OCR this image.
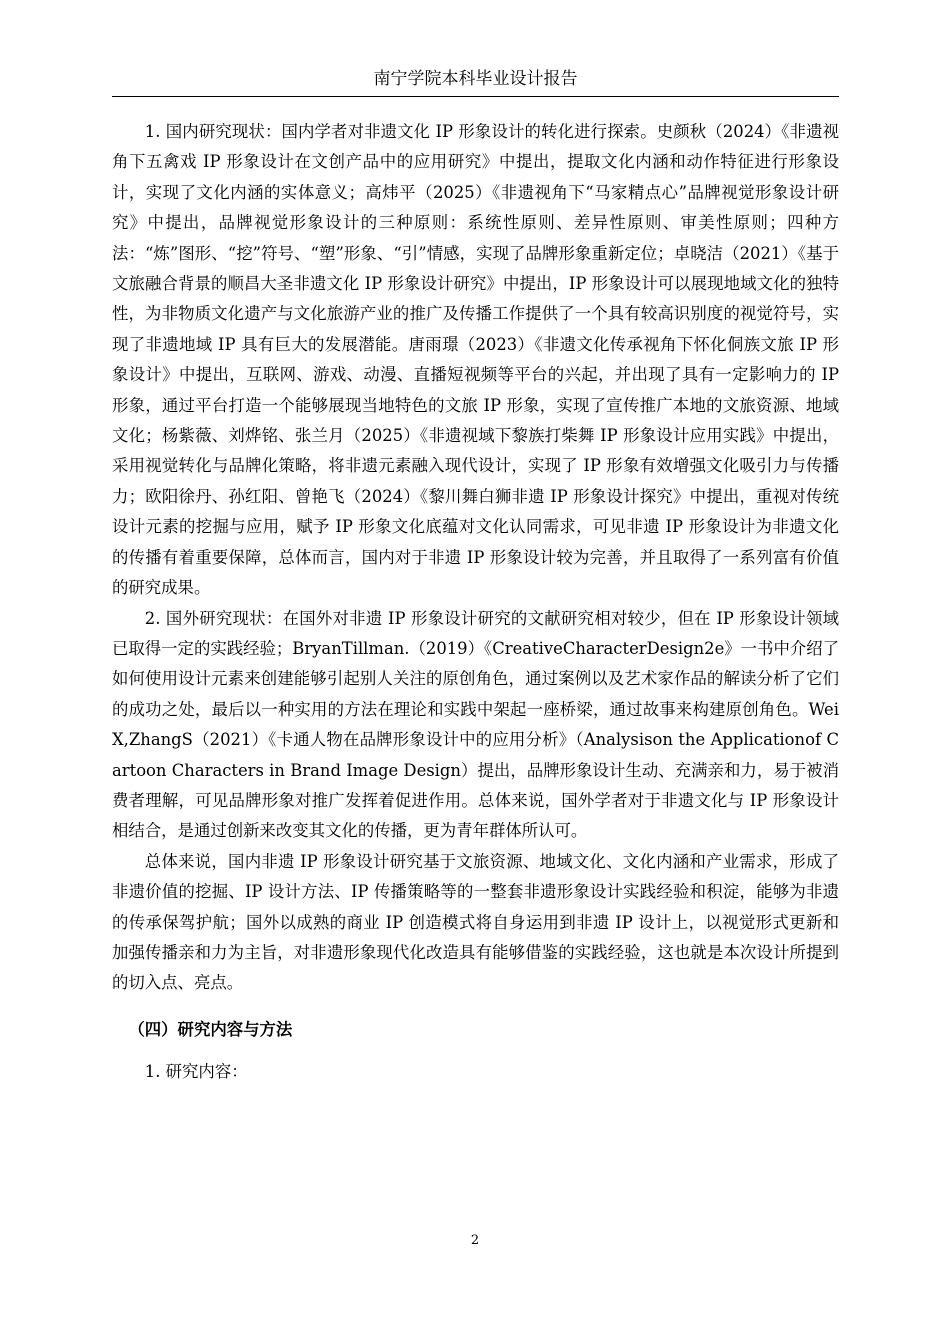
南宁学院本科毕业设计报告

1. 国内研究现状：国内学者对非遗文化 IP 形象设计的转化进行探索。史颜秋（2024）《非遗视角下五禽戏 IP 形象设计在文创产品中的应用研究》中提出，提取文化内涵和动作特征进行形象设计，实现了文化内涵的实体意义；高炜平（2025）《非遗视角下“马家精点心”品牌视觉形象设计研究》中提出，品牌视觉形象设计的三种原则：系统性原则、差异性原则、审美性原则；四种方法：“炼”图形、“挖”符号、“塑”形象、“引”情感，实现了品牌形象重新定位；卓晓洁（2021）《基于文旅融合背景的顺昌大圣非遗文化 IP 形象设计研究》中提出，IP 形象设计可以展现地域文化的独特性，为非物质文化遗产与文化旅游产业的推广及传播工作提供了一个具有较高识别度的视觉符号，实现了非遗地域 IP 具有巨大的发展潜能。唐雨璟（2023）《非遗文化传承视角下怀化侗族文旅 IP 形象设计》中提出，互联网、游戏、动漫、直播短视频等平台的兴起，并出现了具有一定影响力的 IP 形象，通过平台打造一个能够展现当地特色的文旅 IP 形象，实现了宣传推广本地的文旅资源、地域文化；杨紫薇、刘烨铭、张兰月（2025）《非遗视域下黎族打柴舞 IP 形象设计应用实践》中提出，采用视觉转化与品牌化策略，将非遗元素融入现代设计，实现了 IP 形象有效增强文化吸引力与传播力；欧阳徐丹、孙红阳、曾艳飞（2024）《黎川舞白狮非遗 IP 形象设计探究》中提出，重视对传统设计元素的挖掘与应用，赋予 IP 形象文化底蕴对文化认同需求，可见非遗 IP 形象设计为非遗文化的传播有着重要保障，总体而言，国内对于非遗 IP 形象设计较为完善，并且取得了一系列富有价值的研究成果。

2. 国外研究现状：在国外对非遗 IP 形象设计研究的文献研究相对较少，但在 IP 形象设计领域已取得一定的实践经验；BryanTillman.（2019）《CreativeCharacterDesign2e》一书中介绍了如何使用设计元素来创建能够引起别人关注的原创角色，通过案例以及艺术家作品的解读分析了它们的成功之处，最后以一种实用的方法在理论和实践中架起一座桥梁，通过故事来构建原创角色。WeiX,ZhangS（2021）《卡通人物在品牌形象设计中的应用分析》（Analysison the Applicationof Cartoon Characters in Brand Image Design）提出，品牌形象设计生动、充满亲和力，易于被消费者理解，可见品牌形象对推广发挥着促进作用。总体来说，国外学者对于非遗文化与 IP 形象设计相结合，是通过创新来改变其文化的传播，更为青年群体所认可。

总体来说，国内非遗 IP 形象设计研究基于文旅资源、地域文化、文化内涵和产业需求，形成了非遗价值的挖掘、IP 设计方法、IP 传播策略等的一整套非遗形象设计实践经验和积淀，能够为非遗的传承保驾护航；国外以成熟的商业 IP 创造模式将自身运用到非遗 IP 设计上，以视觉形式更新和加强传播亲和力为主旨，对非遗形象现代化改造具有能够借鉴的实践经验，这也就是本次设计所提到的切入点、亮点。

（四）研究内容与方法

1. 研究内容：

2
